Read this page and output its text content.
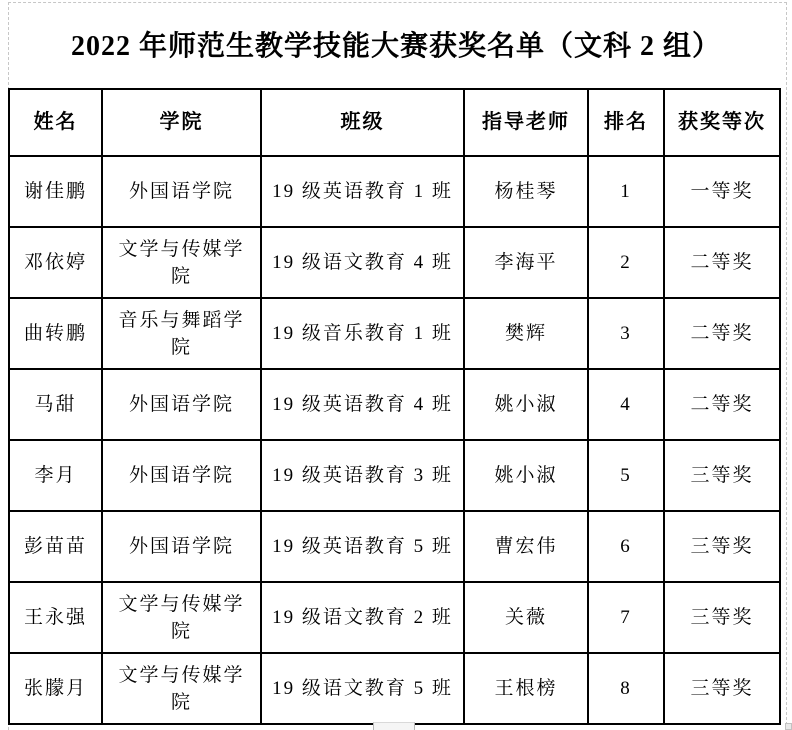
2022 年师范生教学技能大赛获奖名单（文科 2 组）
姓名	学院	班级	指导老师	排名	获奖等次
谢佳鹏	外国语学院	19 级英语教育 1 班	杨桂琴	1	一等奖
邓依婷	文学与传媒学院	19 级语文教育 4 班	李海平	2	二等奖
曲转鹏	音乐与舞蹈学院	19 级音乐教育 1 班	樊辉	3	二等奖
马甜	外国语学院	19 级英语教育 4 班	姚小淑	4	二等奖
李月	外国语学院	19 级英语教育 3 班	姚小淑	5	三等奖
彭苗苗	外国语学院	19 级英语教育 5 班	曹宏伟	6	三等奖
王永强	文学与传媒学院	19 级语文教育 2 班	关薇	7	三等奖
张朦月	文学与传媒学院	19 级语文教育 5 班	王根榜	8	三等奖
